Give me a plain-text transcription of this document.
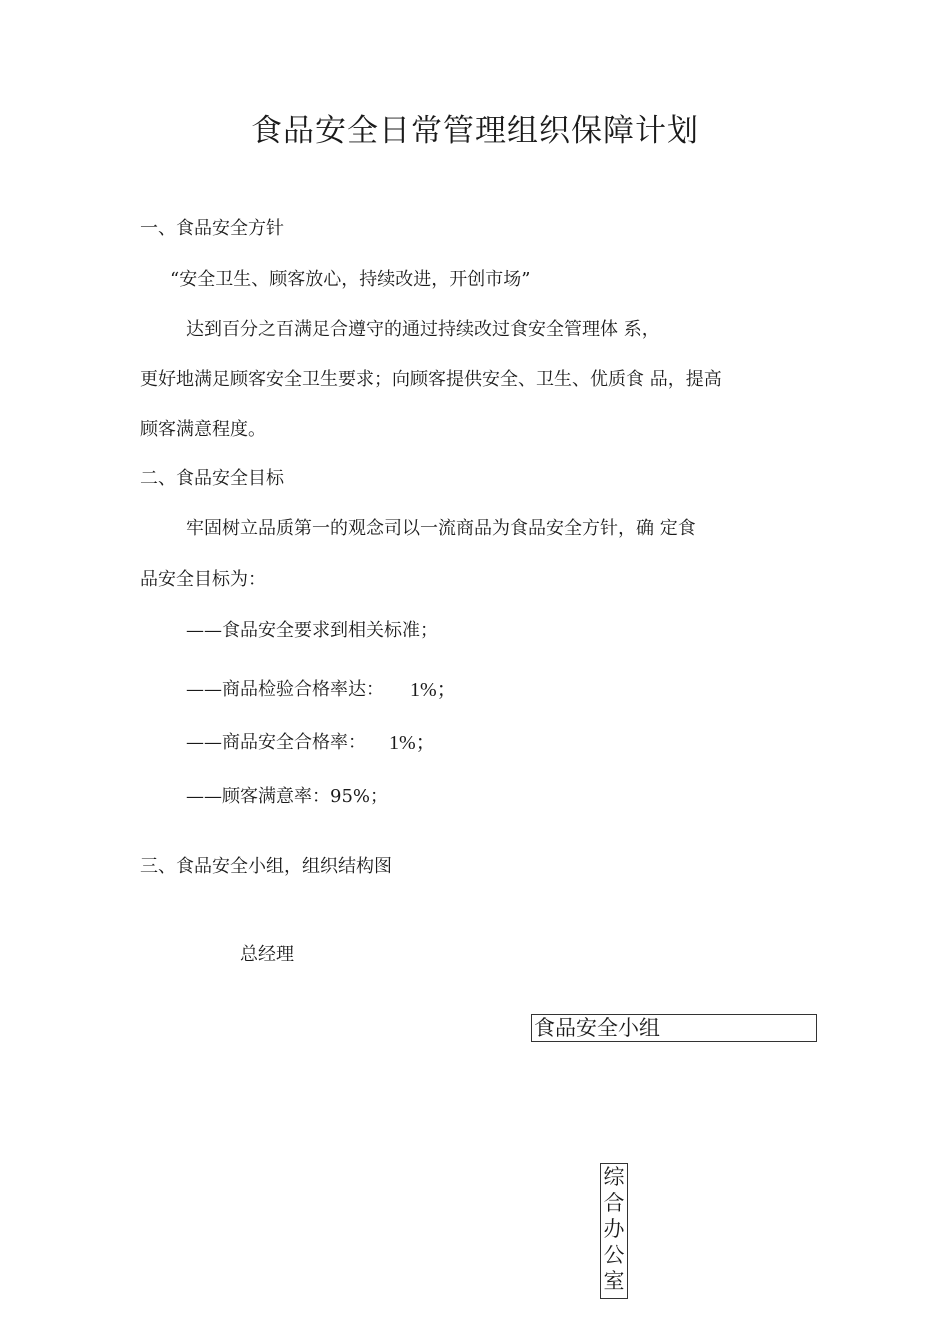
食品安全日常管理组织保障计划
一、食品安全方针
“安全卫生、顾客放心，持续改进，开创市场”
达到百分之百满足合遵守的通过持续改过食安全管理体 系，
更好地满足顾客安全卫生要求；向顾客提供安全、卫生、优质食 品，提高
顾客满意程度。
二、食品安全目标
牢固树立品质第一的观念司以一流商品为食品安全方针，确 定食
品安全目标为：
——食品安全要求到相关标准；
——商品检验合格率达： 1%；
——商品安全合格率： 1%；
——顾客满意率：95%；
三、食品安全小组，组织结构图
总经理
食品安全小组
综合办公室
